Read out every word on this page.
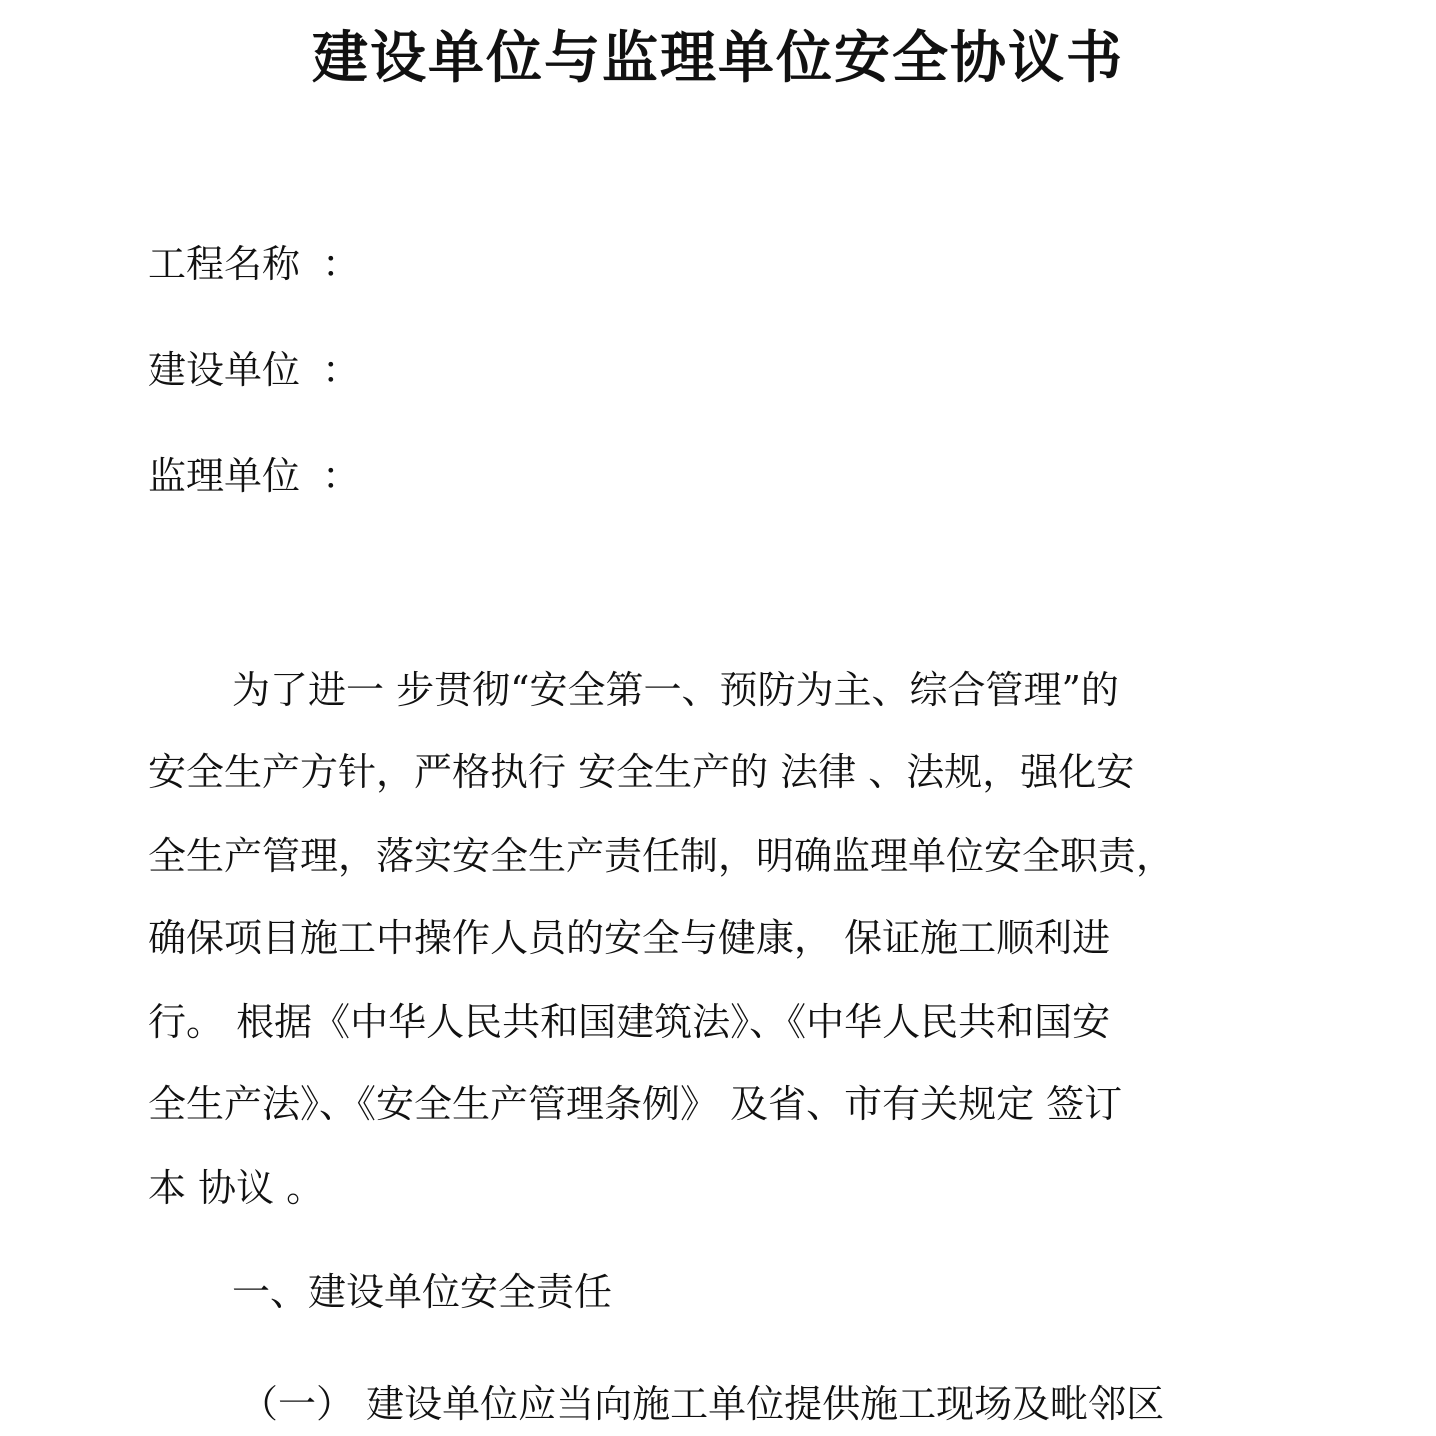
建设单位与监理单位安全协议书
工程名称 ：
建设单位 ：
监理单位 ：
为了进一 步贯彻“安全第一、预防为主、综合管理”的
安全生产方针，严格执行 安全生产的 法律 、法规，强化安
全生产管理，落实安全生产责任制，明确监理单位安全职责，
确保项目施工中操作人员的安全与健康， 保证施工顺利进
行。 根据《中华人民共和国建筑法》、《中华人民共和国安
全生产法》、《安全生产管理条例》 及省、市有关规定 签订
本 协议 。
一、建设单位安全责任
（一） 建设单位应当向施工单位提供施工现场及毗邻区
